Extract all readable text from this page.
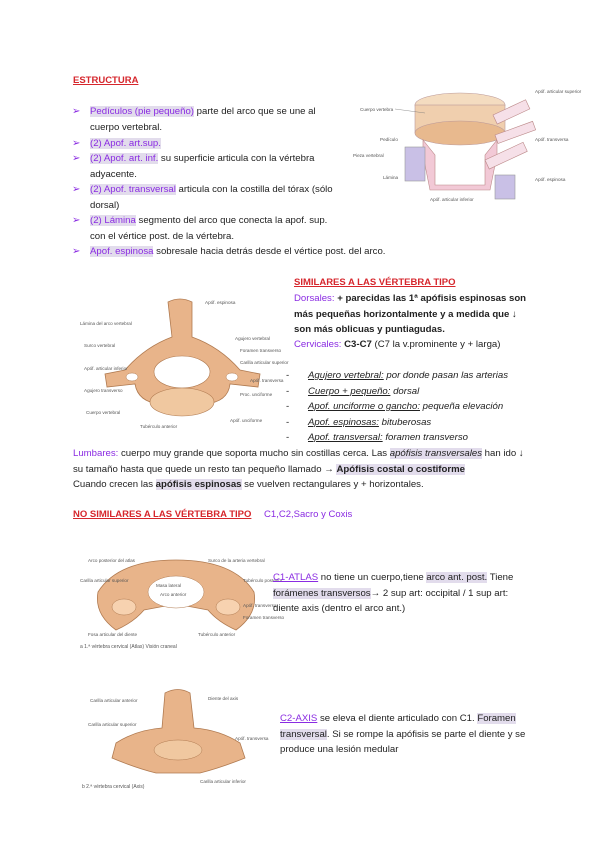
ESTRUCTURA
➢ Pedículos (pie pequeño) parte del arco que se une al cuerpo vertebral.
➢ (2) Apof. art.sup.
➢ (2) Apof. art. inf. su superficie articula con la vértebra adyacente.
➢ (2) Apof. transversal articula con la costilla del tórax (sólo dorsal)
➢ (2) Lámina segmento del arco que conecta la apof. sup. con el vértice post. de la vértebra.
➢ Apof. espinosa sobresale hacia detrás desde el vértice post. del arco.
Cuerpo vertebra
Pedículo
Pieza vertebral
Lámina
Apóf. articular inferior
Apóf. articular superior
Apóf. transversa
Apóf. espinosa
SIMILARES A LAS VÉRTEBRA TIPO
Dorsales: + parecidas las 1ª apófisis espinosas son más pequeñas horizontalmente y a medida que ↓ son más oblicuas y puntiagudas.
Cervicales: C3-C7 (C7 la v.prominente y + larga)
- Agujero vertebral: por donde pasan las arterias
- Cuerpo + pequeño: dorsal
- Apof. unciforme o gancho: pequeña elevación
- Apof. espinosas: bituberosas
- Apof. transversal: foramen transverso
Apóf. espinosa
Lámina del arco vertebral
Surco vertebral
Apóf. articular inferior
Agujero transverso
Cuerpo vertebral
Agujero vertebral
Foramen transverso
Carilla articular superior
Apóf. transversa
Proc. unciforme
Apóf. unciforme
Tubérculo anterior
Lumbares: cuerpo muy grande que soporta mucho sin costillas cerca. Las apófisis transversales han ido ↓ su tamaño hasta que quede un resto tan pequeño llamado → Apófisis costal o costiforme
Cuando crecen las apófisis espinosas se vuelven rectangulares y + horizontales.
NO SIMILARES A LAS VÉRTEBRA TIPO C1,C2,Sacro y Coxis
Arco posterior del atlas	Surco de la arteria vertebral
Carilla articular superior
Masa lateral
Arco anterior
Tubérculo posterior
Apóf. transversa
Foramen transverso
Fosa articular del diente	Tubérculo anterior
a 1.ª vértebra cervical (Atlas) Visión craneal
C1-ATLAS no tiene un cuerpo,tiene arco ant. post. Tiene forámenes transversos→ 2 sup art: occipital / 1 sup art: diente axis (dentro el arco ant.)
Diente del axis
Carilla articular anterior
Carilla articular superior
Apóf. transversa
Carilla articular inferior
b 2.ª vértebra cervical (Axis)
C2-AXIS se eleva el diente articulado con C1. Foramen transversal. Si se rompe la apófisis se parte el diente y se produce una lesión medular
